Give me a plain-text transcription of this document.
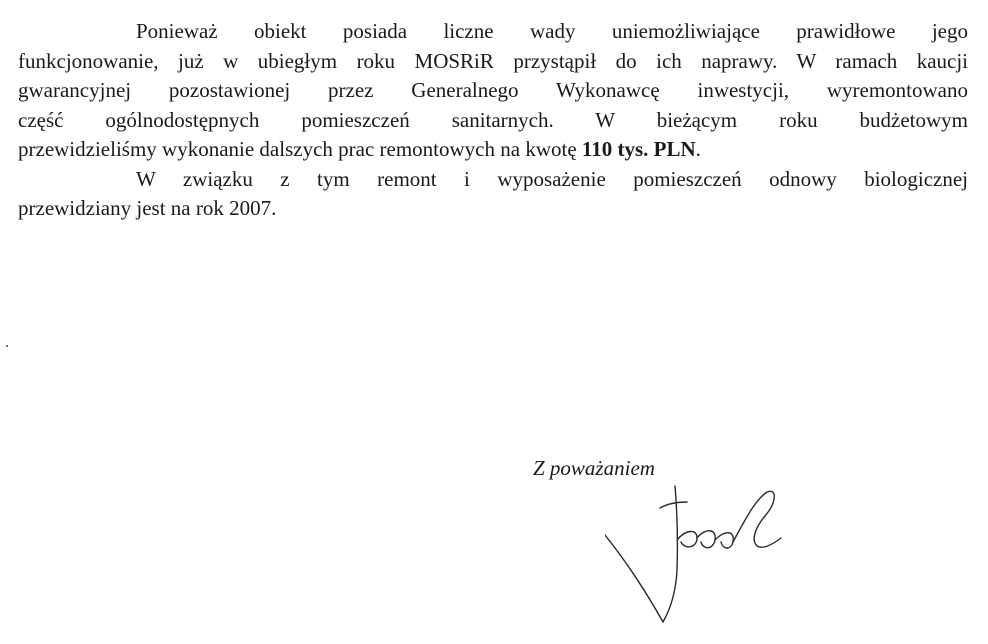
Ponieważ obiekt posiada liczne wady uniemożliwiające prawidłowe jego
funkcjonowanie, już w ubiegłym roku MOSRiR przystąpił do ich naprawy. W ramach kaucji
gwarancyjnej pozostawionej przez Generalnego Wykonawcę inwestycji, wyremontowano
część ogólnodostępnych pomieszczeń sanitarnych. W bieżącym roku budżetowym
przewidzieliśmy wykonanie dalszych prac remontowych na kwotę 110 tys. PLN.
W związku z tym remont i wyposażenie pomieszczeń odnowy biologicznej
przewidziany jest na rok 2007.
Z poważaniem
